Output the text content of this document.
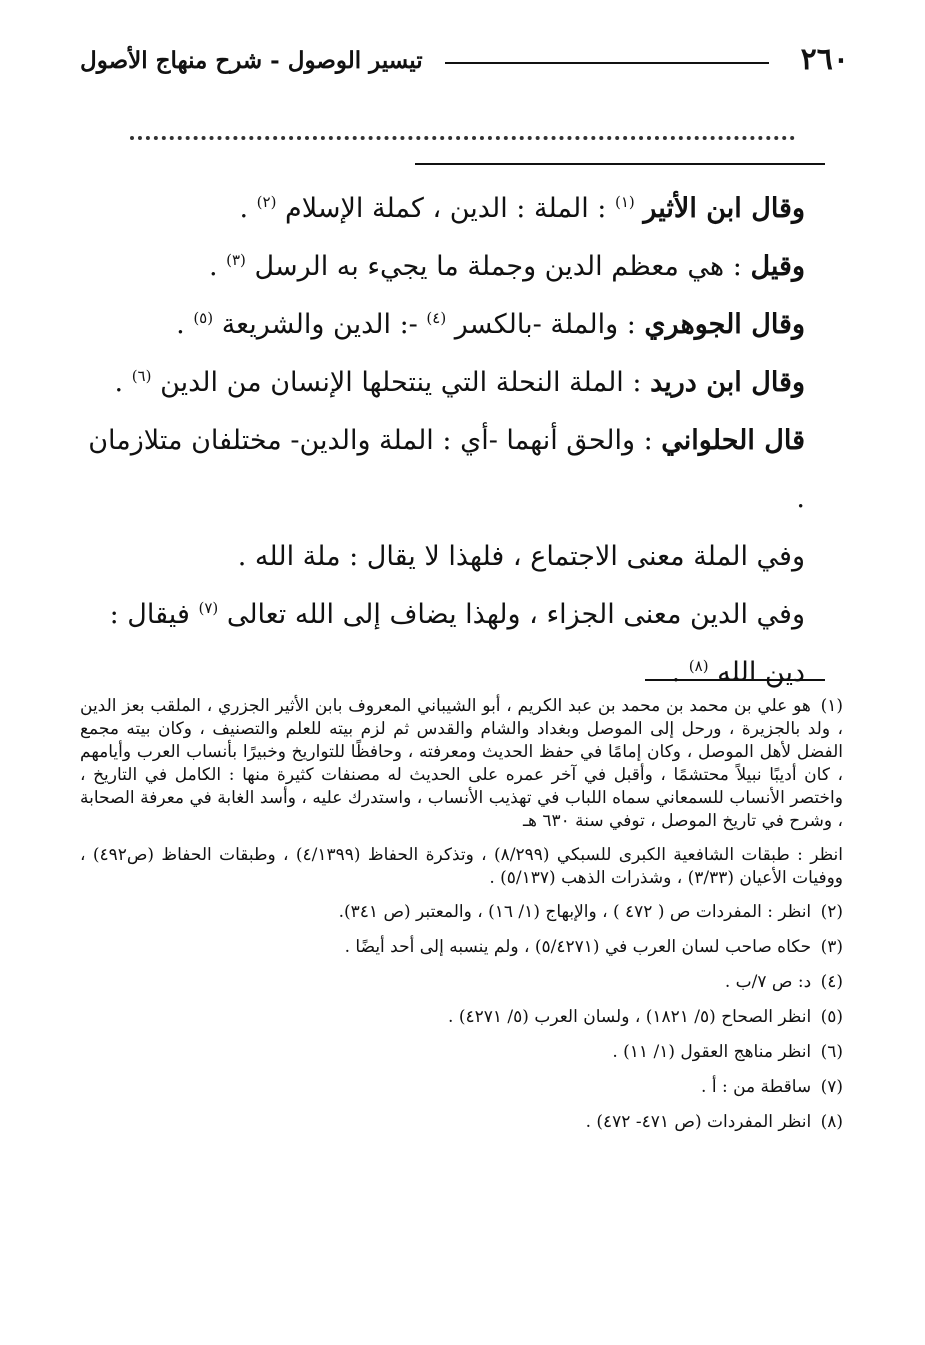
٢٦٠
تيسير الوصول - شرح منهاج الأصول

وقال ابن الأثير $^{(١)}$ : الملة : الدين ، كملة الإسلام $^{(٢)}$ .

وقيل : هي معظم الدين وجملة ما يجيء به الرسل $^{(٣)}$ .

وقال الجوهري : والملة -بالكسر $^{(٤)}$ -: الدين والشريعة $^{(٥)}$ .

وقال ابن دريد : الملة النحلة التي ينتحلها الإنسان من الدين $^{(٦)}$ .

قال الحلواني : والحق أنهما -أي : الملة والدين- مختلفان متلازمان .

وفي الملة معنى الاجتماع ، فلهذا لا يقال : ملة الله .

وفي الدين معنى الجزاء ، ولهذا يضاف إلى الله تعالى $^{(٧)}$ فيقال : دين الله $^{(٨)}$ .

(١) هو علي بن محمد بن محمد بن عبد الكريم ، أبو الشيباني المعروف بابن الأثير الجزري ، الملقب بعز الدين ، ولد بالجزيرة ، ورحل إلى الموصل وبغداد والشام والقدس ثم لزم بيته للعلم والتصنيف ، وكان بيته مجمع الفضل لأهل الموصل ، وكان إمامًا في حفظ الحديث ومعرفته ، وحافظًا للتواريخ وخبيرًا بأنساب العرب وأيامهم ، كان أديبًا نبيلاً محتشمًا ، وأقبل في آخر عمره على الحديث له مصنفات كثيرة منها : الكامل في التاريخ ، واختصر الأنساب للسمعاني سماه اللباب في تهذيب الأنساب ، واستدرك عليه ، وأسد الغابة في معرفة الصحابة ، وشرح في تاريخ الموصل ، توفي سنة ٦٣٠ هـ

انظر : طبقات الشافعية الكبرى للسبكي (٨/٢٩٩) ، وتذكرة الحفاظ (٤/١٣٩٩) ، وطبقات الحفاظ (ص٤٩٢) ، ووفيات الأعيان (٣/٣٣) ، وشذرات الذهب (٥/١٣٧) .

(٢) انظر : المفردات ص ( ٤٧٢ ) ، والإبهاج (١/ ١٦) ، والمعتبر (ص ٣٤١).

(٣) حكاه صاحب لسان العرب في (٥/٤٢٧١) ، ولم ينسبه إلى أحد أيضًا .

(٤) د: ص ٧/ب .

(٥) انظر الصحاح (٥/ ١٨٢١) ، ولسان العرب (٥/ ٤٢٧١) .

(٦) انظر مناهج العقول (١/ ١١) .

(٧) ساقطة من : أ .

(٨) انظر المفردات (ص ٤٧١- ٤٧٢) .
